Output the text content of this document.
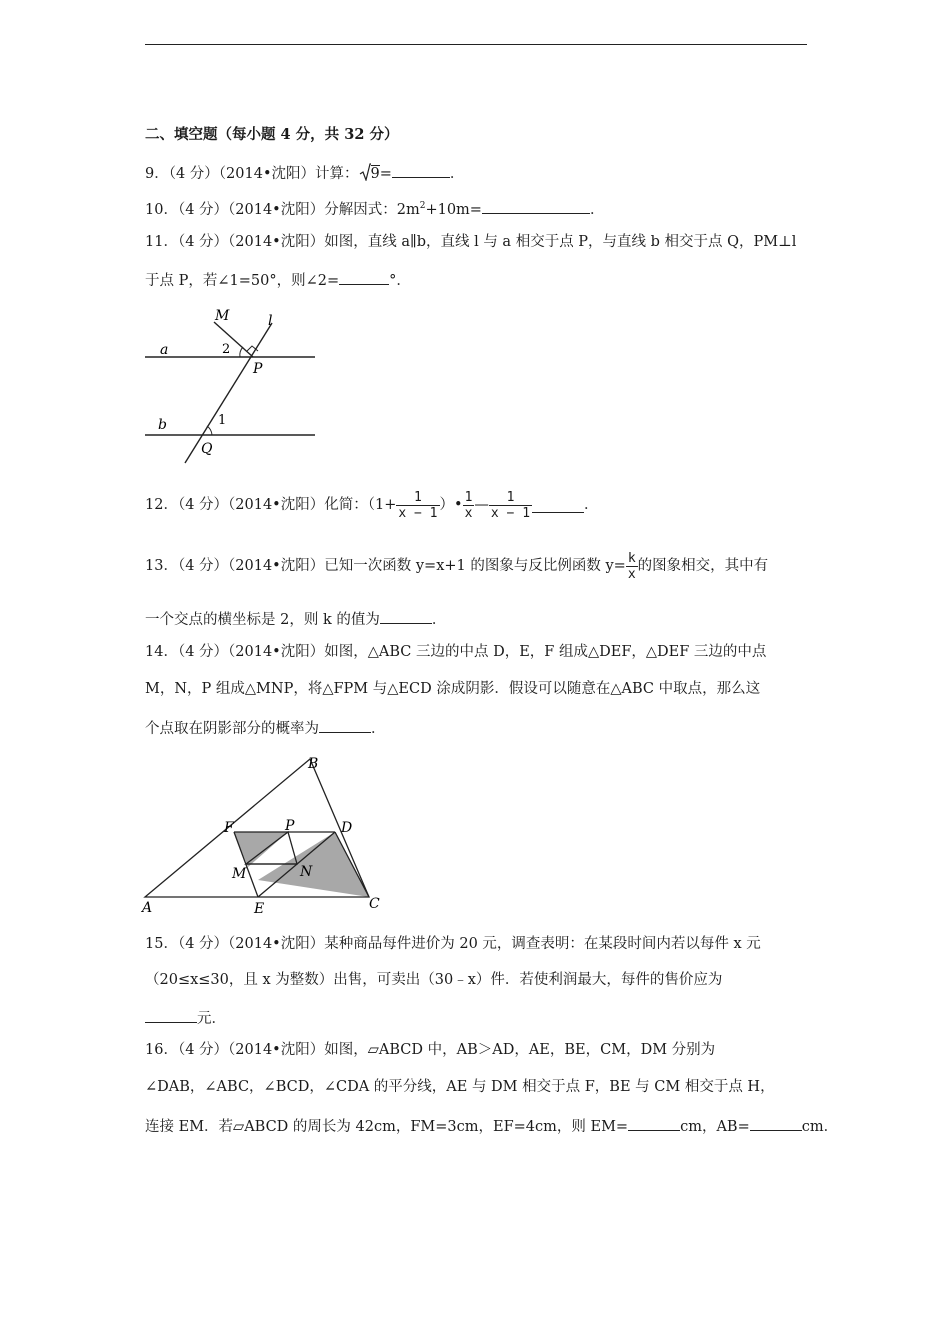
二、填空题（每小题 4 分，共 32 分）
9．（4 分）（2014•沈阳）计算： 9=	．
10．（4 分）（2014•沈阳）分解因式：$2m^2+10m=$	．
11．（4 分）（2014•沈阳）如图，直线 a∥b，直线 l 与 a 相交于点 P，与直线 b 相交于点 Q，PM⊥l
于点 P，若∠1=50°，则∠2=	°．
M	l
a	2
P
b	1
Q
12．（4 分）（2014•沈阳）化简：（$1+ \frac{1}{x - 1}$ ）• $\frac{1}{x}$ — $\frac{1}{x - 1}$	．
13．（4 分）（2014•沈阳）已知一次函数 y=x+1 的图象与反比例函数 $y= \frac{k}{x}$ 的图象相交，其中有
一个交点的横坐标是 2，则 k 的值为	．
14．（4 分）（2014•沈阳）如图，△ABC 三边的中点 D，E，F 组成△DEF，△DEF 三边的中点
M，N，P 组成△MNP，将△FPM 与△ECD 涂成阴影．假设可以随意在△ABC 中取点，那么这
个点取在阴影部分的概率为	．
B
F	P	D
M	N
A	E	C
15．（4 分）（2014•沈阳）某种商品每件进价为 20 元，调查表明：在某段时间内若以每件 x 元
（20≤x≤30，且 x 为整数）出售，可卖出（30﹣x）件．若使利润最大，每件的售价应为
元．
16．（4 分）（2014•沈阳）如图，▱ABCD 中，AB＞AD，AE，BE，CM，DM 分别为
∠DAB，∠ABC，∠BCD，∠CDA 的平分线，AE 与 DM 相交于点 F，BE 与 CM 相交于点 H，
连接 EM．若▱ABCD 的周长为 42cm，FM=3cm，EF=4cm，则 EM=	cm，AB=	cm．
